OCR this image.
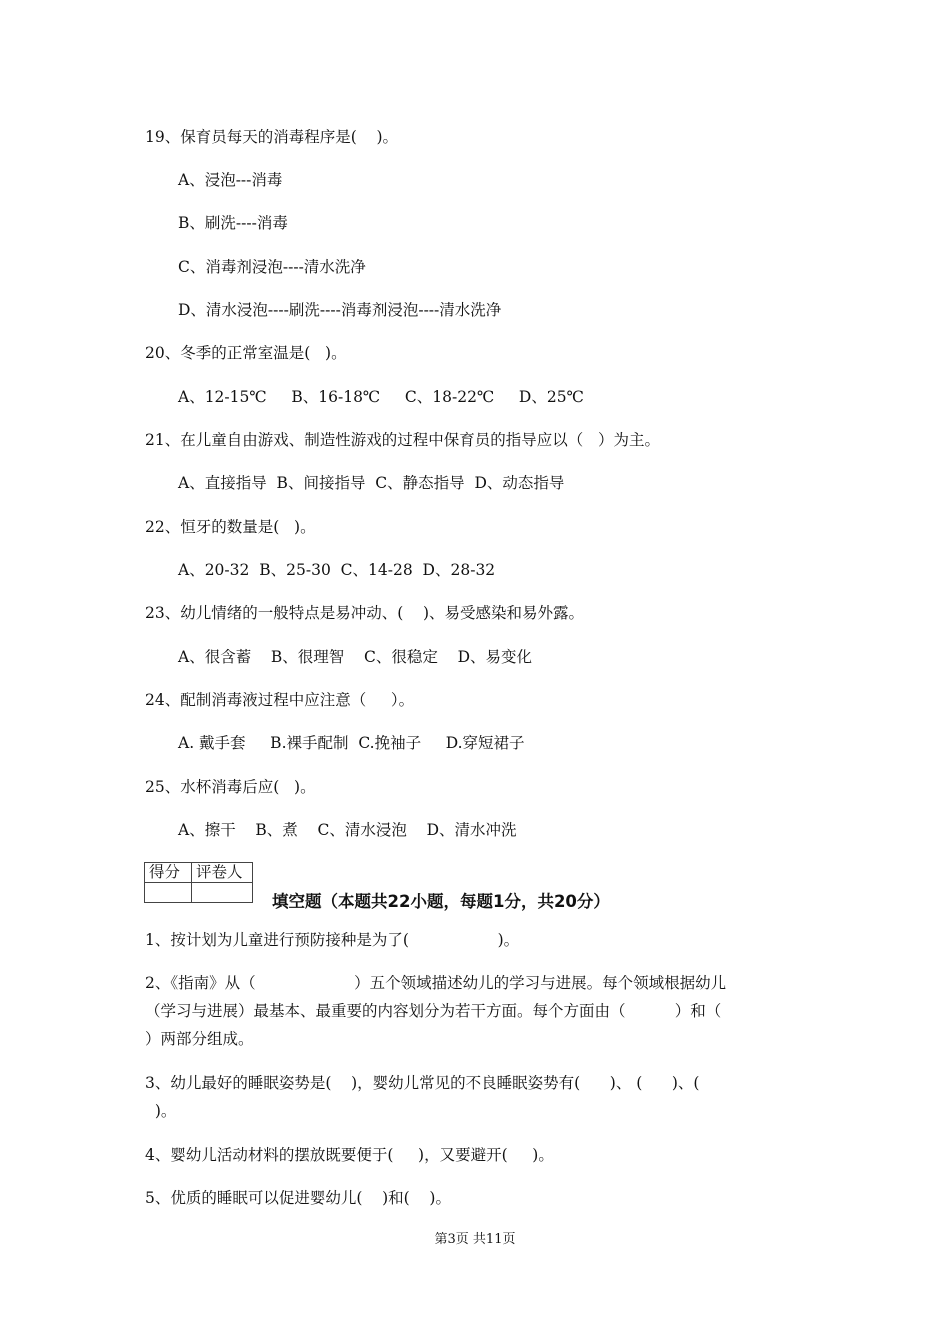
19、保育员每天的消毒程序是(    )。
A、浸泡---消毒
B、刷洗----消毒
C、消毒剂浸泡----清水洗净
D、清水浸泡----刷洗----消毒剂浸泡----清水洗净
20、冬季的正常室温是(   )。
A、12-15℃     B、16-18℃     C、18-22℃     D、25℃
21、在儿童自由游戏、制造性游戏的过程中保育员的指导应以（   ）为主。
A、直接指导  B、间接指导  C、静态指导  D、动态指导
22、恒牙的数量是(   )。
A、20-32  B、25-30  C、14-28  D、28-32
23、幼儿情绪的一般特点是易冲动、(    )、易受感染和易外露。
A、很含蓄    B、很理智    C、很稳定    D、易变化
24、配制消毒液过程中应注意（     ）。
A. 戴手套     B.裸手配制  C.挽袖子     D.穿短裙子
25、水杯消毒后应(   )。
A、擦干    B、煮    C、清水浸泡    D、清水冲洗
得分	评卷人

填空题（本题共22小题，每题1分，共20分）
1、按计划为儿童进行预防接种是为了(                  )。
2、《指南》从（                    ）五个领域描述幼儿的学习与进展。每个领域根据幼儿
（学习与进展）最基本、最重要的内容划分为若干方面。每个方面由（          ）和（
）两部分组成。
3、幼儿最好的睡眠姿势是(    )，婴幼儿常见的不良睡眠姿势有(      )、 (      )、(
)。
4、婴幼儿活动材料的摆放既要便于(     )，又要避开(     )。
5、优质的睡眠可以促进婴幼儿(    )和(    )。
第3页 共11页
